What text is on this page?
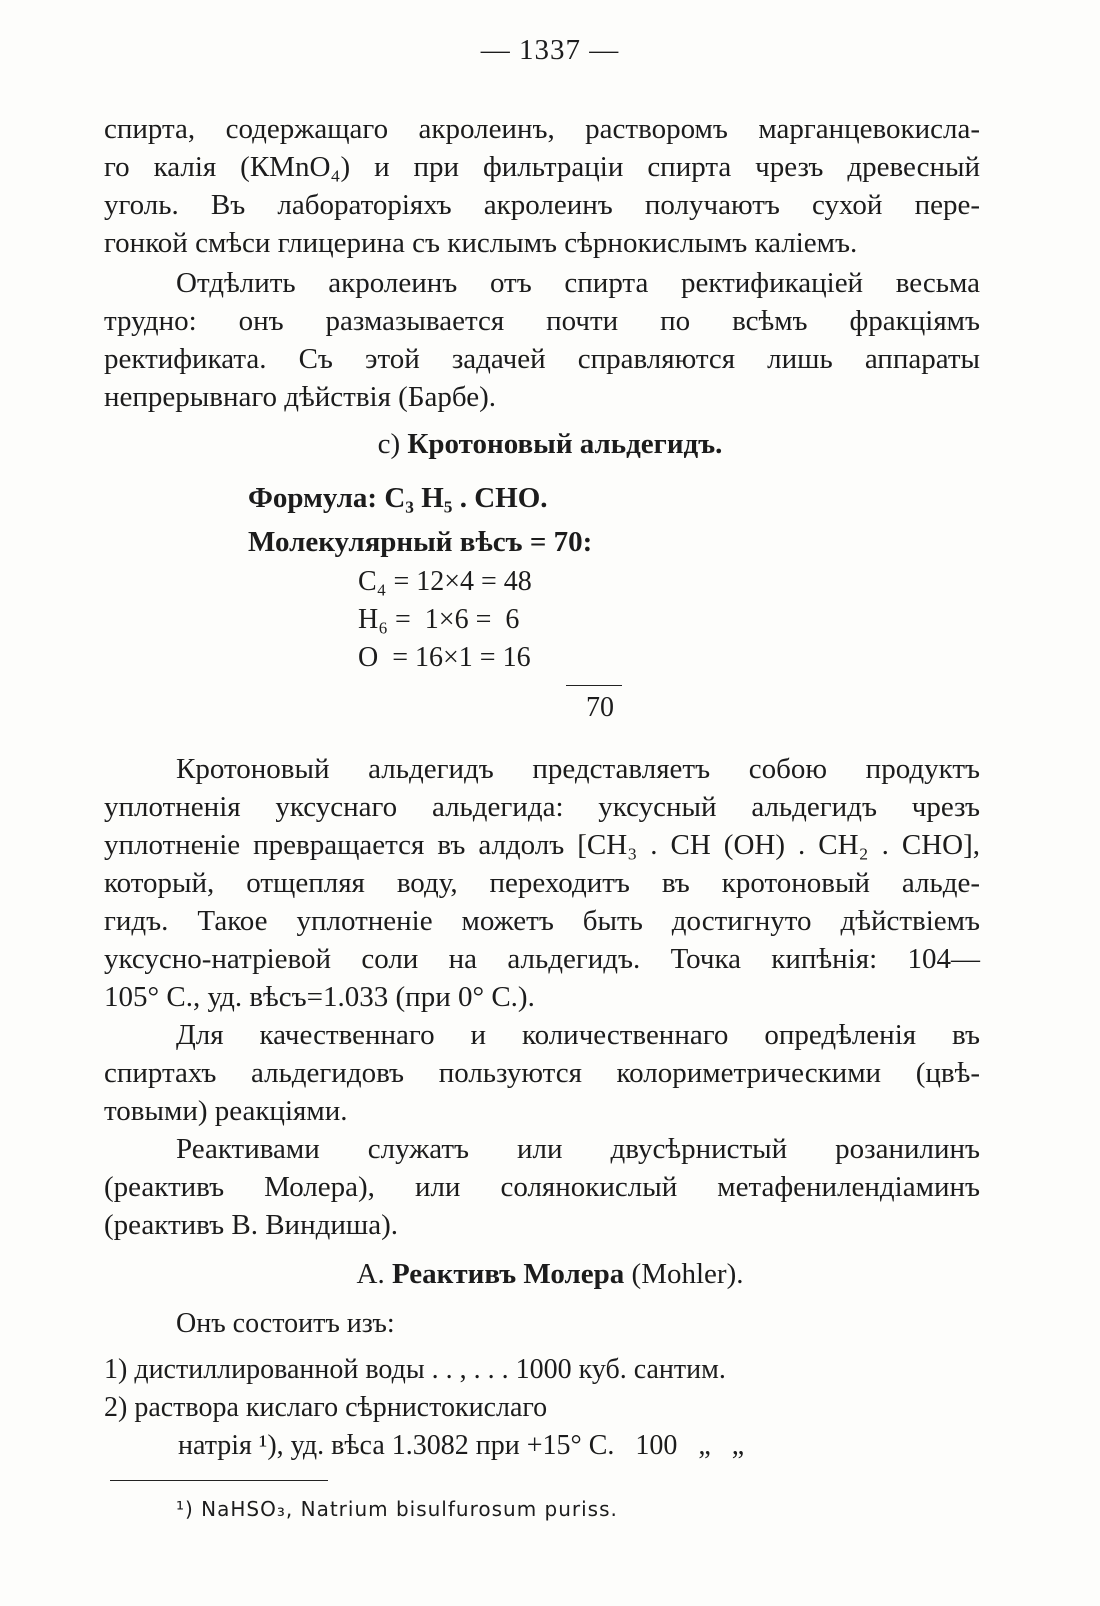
— 1337 —
спирта, содержащаго акролеинъ, растворомъ марганцевокисла-
го калія (КМnO₄) и при фильтраціи спирта чрезъ древесный
уголь. Въ лабораторіяхъ акролеинъ получаютъ сухой пере-
гонкой смѣси глицерина съ кислымъ сѣрнокислымъ каліемъ.
Отдѣлить акролеинъ отъ спирта ректификаціей весьма
трудно: онъ размазывается почти по всѣмъ фракціямъ
ректификата. Съ этой задачей справляются лишь аппараты
непрерывнаго дѣйствія (Барбе).
c) Кротоновый альдегидъ.
Формула: C₃ H₅ . CHO.
Молекулярный вѣсъ = 70:
C₄ = 12×4 = 48
H₆ =  1×6 =  6
O  = 16×1 = 16
70
Кротоновый альдегидъ представляетъ собою продуктъ
уплотненія уксуснаго альдегида: уксусный альдегидъ чрезъ
уплотненіе превращается въ алдолъ [CH₃ . CH (OH) . CH₂ . CHO],
который, отщепляя воду, переходитъ въ кротоновый альде-
гидъ. Такое уплотненіе можетъ быть достигнуто дѣйствіемъ
уксусно-натріевой соли на альдегидъ. Точка кипѣнія: 104—
105° C., уд. вѣсъ=1.033 (при 0° C.).
Для качественнаго и количественнаго опредѣленія въ
спиртахъ альдегидовъ пользуются колориметрическими (цвѣ-
товыми) реакціями.
Реактивами служатъ или двусѣрнистый розанилинъ
(реактивъ Молера), или солянокислый метафенилендіаминъ
(реактивъ В. Виндиша).
A. Реактивъ Молера (Mohler).
Онъ состоитъ изъ:
1) дистиллированной воды . . , . . . 1000 куб. сантим.
2) раствора кислаго сѣрнистокислаго
натрія ¹), уд. вѣса 1.3082 при +15° C.   100   „   „
¹) NaHSO₃, Natrium bisulfurosum puriss.
